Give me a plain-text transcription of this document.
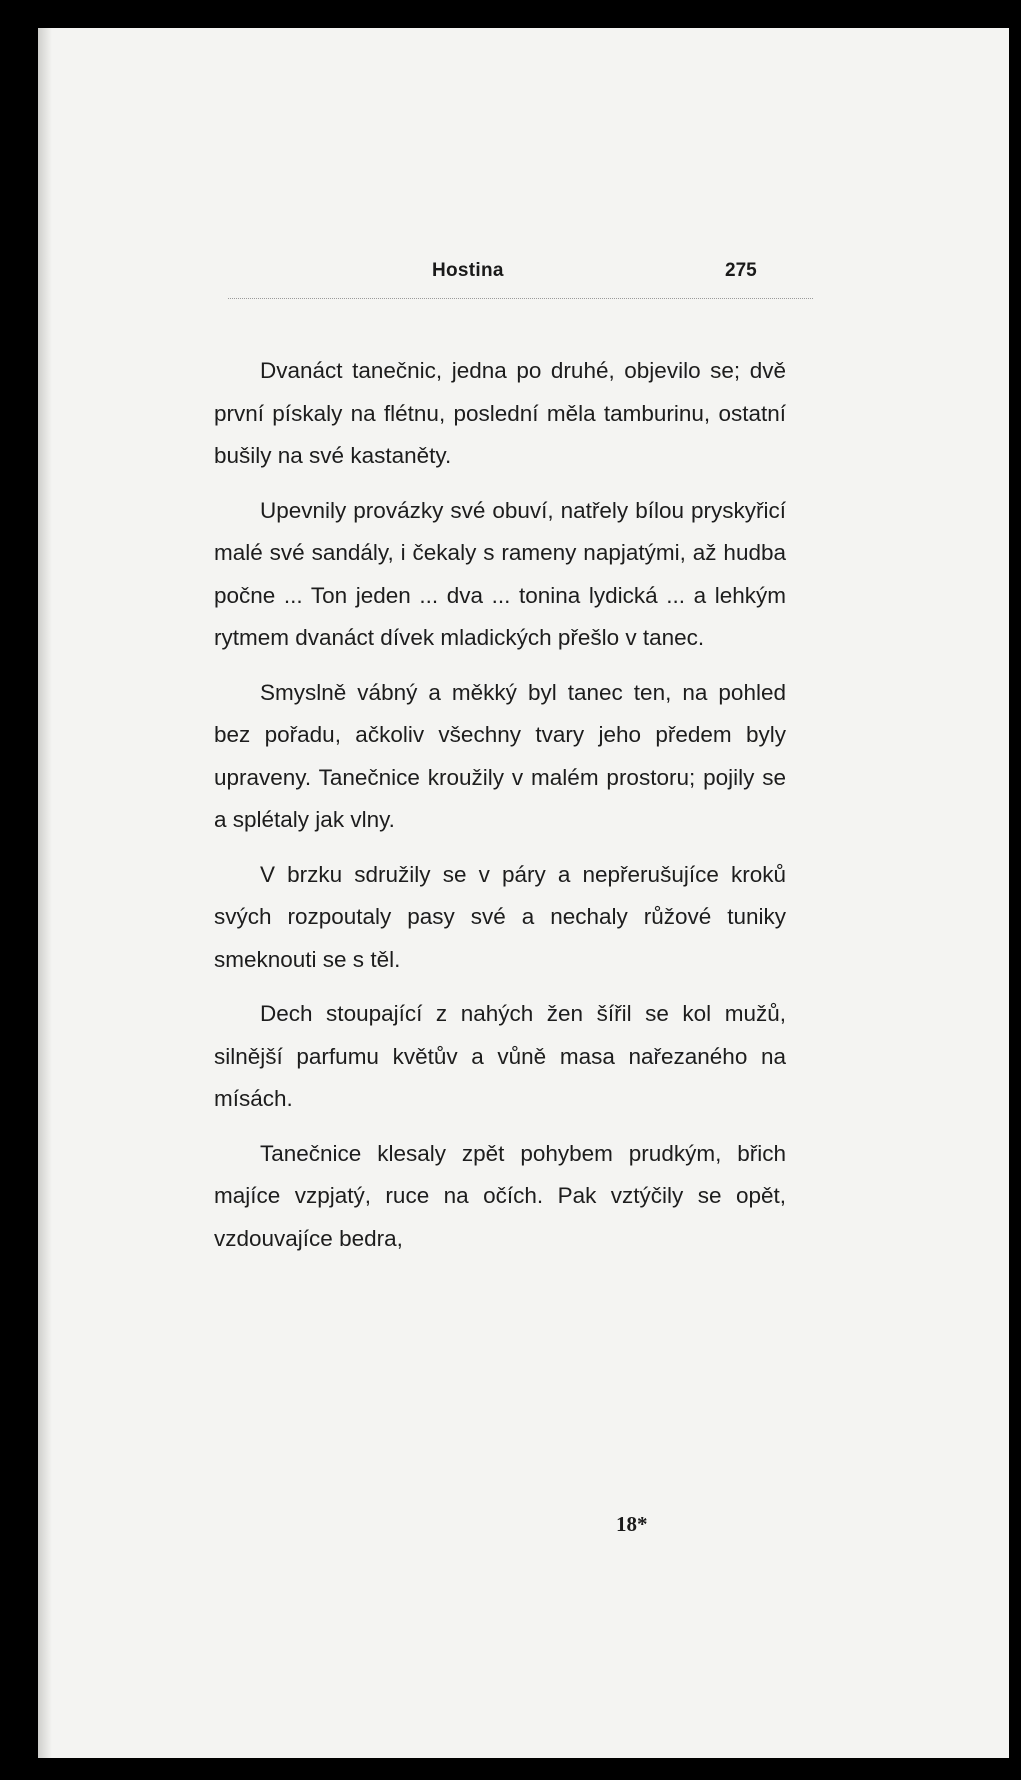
Hostina	275

Dvanáct tanečnic, jedna po druhé, objevilo se; dvě první pískaly na flétnu, poslední měla tamburinu, ostatní bušily na své kastaněty.

Upevnily provázky své obuví, natřely bílou pryskyřicí malé své sandály, i čekaly s rameny napjatými, až hudba počne ... Ton jeden ... dva ... tonina lydická ... a lehkým rytmem dvanáct dívek mladických přešlo v tanec.

Smyslně vábný a měkký byl tanec ten, na pohled bez pořadu, ačkoliv všechny tvary jeho předem byly upraveny. Tanečnice kroužily v malém prostoru; pojily se a splétaly jak vlny.

V brzku sdružily se v páry a nepřerušujíce kroků svých rozpoutaly pasy své a nechaly růžové tuniky smeknouti se s těl.

Dech stoupající z nahých žen šířil se kol mužů, silnější parfumu květův a vůně masa nařezaného na mísách.

Tanečnice klesaly zpět pohybem prudkým, břich majíce vzpjatý, ruce na očích. Pak vztýčily se opět, vzdouvajíce bedra,

18*
